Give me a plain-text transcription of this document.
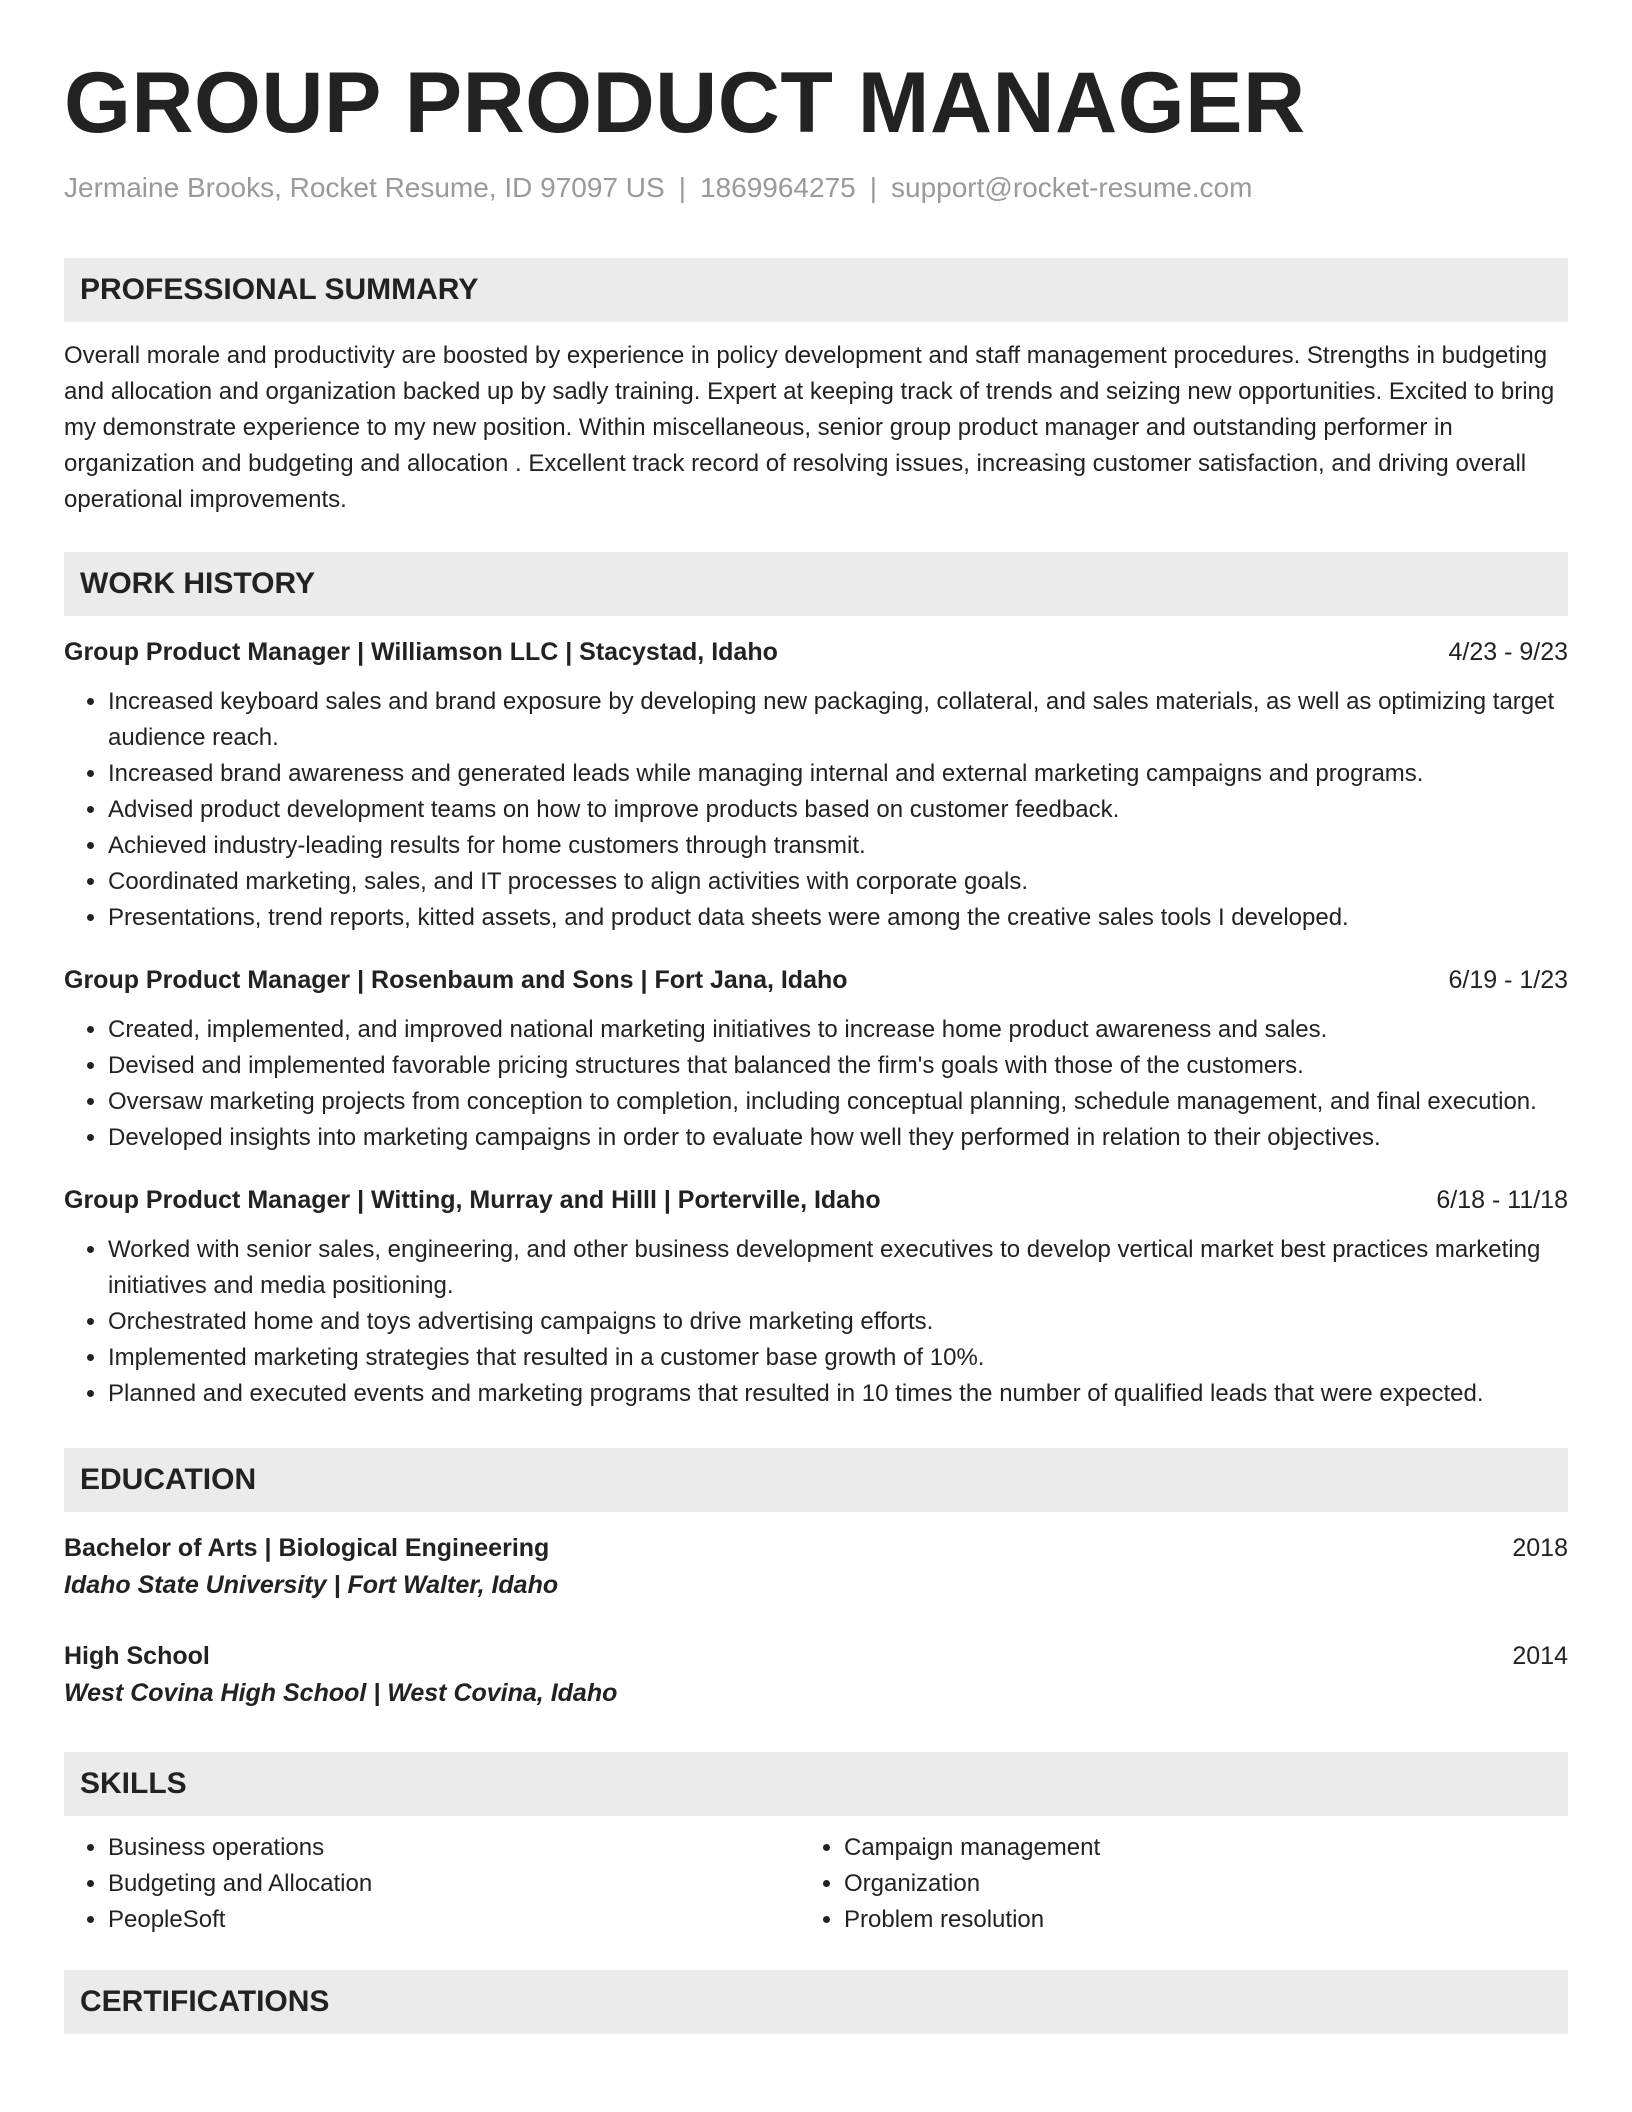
GROUP PRODUCT MANAGER
Jermaine Brooks, Rocket Resume, ID 97097 US | 1869964275 | support@rocket-resume.com
PROFESSIONAL SUMMARY
Overall morale and productivity are boosted by experience in policy development and staff management procedures. Strengths in budgeting and allocation and organization backed up by sadly training. Expert at keeping track of trends and seizing new opportunities. Excited to bring my demonstrate experience to my new position. Within miscellaneous, senior group product manager and outstanding performer in organization and budgeting and allocation . Excellent track record of resolving issues, increasing customer satisfaction, and driving overall operational improvements.
WORK HISTORY
Group Product Manager | Williamson LLC | Stacystad, Idaho	4/23 - 9/23
• Increased keyboard sales and brand exposure by developing new packaging, collateral, and sales materials, as well as optimizing target audience reach.
• Increased brand awareness and generated leads while managing internal and external marketing campaigns and programs.
• Advised product development teams on how to improve products based on customer feedback.
• Achieved industry-leading results for home customers through transmit.
• Coordinated marketing, sales, and IT processes to align activities with corporate goals.
• Presentations, trend reports, kitted assets, and product data sheets were among the creative sales tools I developed.
Group Product Manager | Rosenbaum and Sons | Fort Jana, Idaho	6/19 - 1/23
• Created, implemented, and improved national marketing initiatives to increase home product awareness and sales.
• Devised and implemented favorable pricing structures that balanced the firm's goals with those of the customers.
• Oversaw marketing projects from conception to completion, including conceptual planning, schedule management, and final execution.
• Developed insights into marketing campaigns in order to evaluate how well they performed in relation to their objectives.
Group Product Manager | Witting, Murray and Hilll | Porterville, Idaho	6/18 - 11/18
• Worked with senior sales, engineering, and other business development executives to develop vertical market best practices marketing initiatives and media positioning.
• Orchestrated home and toys advertising campaigns to drive marketing efforts.
• Implemented marketing strategies that resulted in a customer base growth of 10%.
• Planned and executed events and marketing programs that resulted in 10 times the number of qualified leads that were expected.
EDUCATION
Bachelor of Arts | Biological Engineering	2018
Idaho State University | Fort Walter, Idaho
High School	2014
West Covina High School | West Covina, Idaho
SKILLS
• Business operations
• Budgeting and Allocation
• PeopleSoft
• Campaign management
• Organization
• Problem resolution
CERTIFICATIONS
